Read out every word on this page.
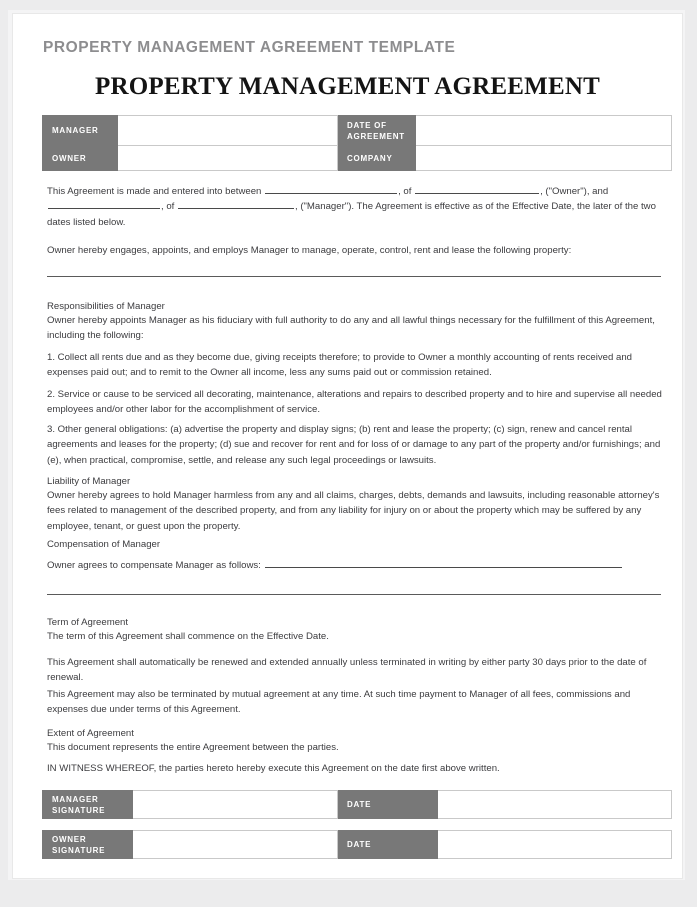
PROPERTY MANAGEMENT AGREEMENT TEMPLATE
PROPERTY MANAGEMENT AGREEMENT
MANAGER		DATE OF AGREEMENT	
OWNER		COMPANY	
This Agreement is made and entered into between	, of	, ("Owner"), and , of	, ("Manager"). The Agreement is effective as of the Effective Date, the later of the two dates listed below.
Owner hereby engages, appoints, and employs Manager to manage, operate, control, rent and lease the following property:
Responsibilities of Manager
Owner hereby appoints Manager as his fiduciary with full authority to do any and all lawful things necessary for the fulfillment of this Agreement, including the following:
1. Collect all rents due and as they become due, giving receipts therefore; to provide to Owner a monthly accounting of rents received and expenses paid out; and to remit to the Owner all income, less any sums paid out or commission retained.
2. Service or cause to be serviced all decorating, maintenance, alterations and repairs to described property and to hire and supervise all needed employees and/or other labor for the accomplishment of service.
3. Other general obligations: (a) advertise the property and display signs; (b) rent and lease the property; (c) sign, renew and cancel rental agreements and leases for the property; (d) sue and recover for rent and for loss of or damage to any part of the property and/or furnishings; and (e), when practical, compromise, settle, and release any such legal proceedings or lawsuits.
Liability of Manager
Owner hereby agrees to hold Manager harmless from any and all claims, charges, debts, demands and lawsuits, including reasonable attorney's fees related to management of the described property, and from any liability for injury on or about the property which may be suffered by any employee, tenant, or guest upon the property.
Compensation of Manager
Owner agrees to compensate Manager as follows:
Term of Agreement
The term of this Agreement shall commence on the Effective Date.
This Agreement shall automatically be renewed and extended annually unless terminated in writing by either party 30 days prior to the date of renewal.
This Agreement may also be terminated by mutual agreement at any time. At such time payment to Manager of all fees, commissions and expenses due under terms of this Agreement.
Extent of Agreement
This document represents the entire Agreement between the parties.
IN WITNESS WHEREOF, the parties hereto hereby execute this Agreement on the date first above written.
MANAGER SIGNATURE		DATE	
OWNER SIGNATURE		DATE	
